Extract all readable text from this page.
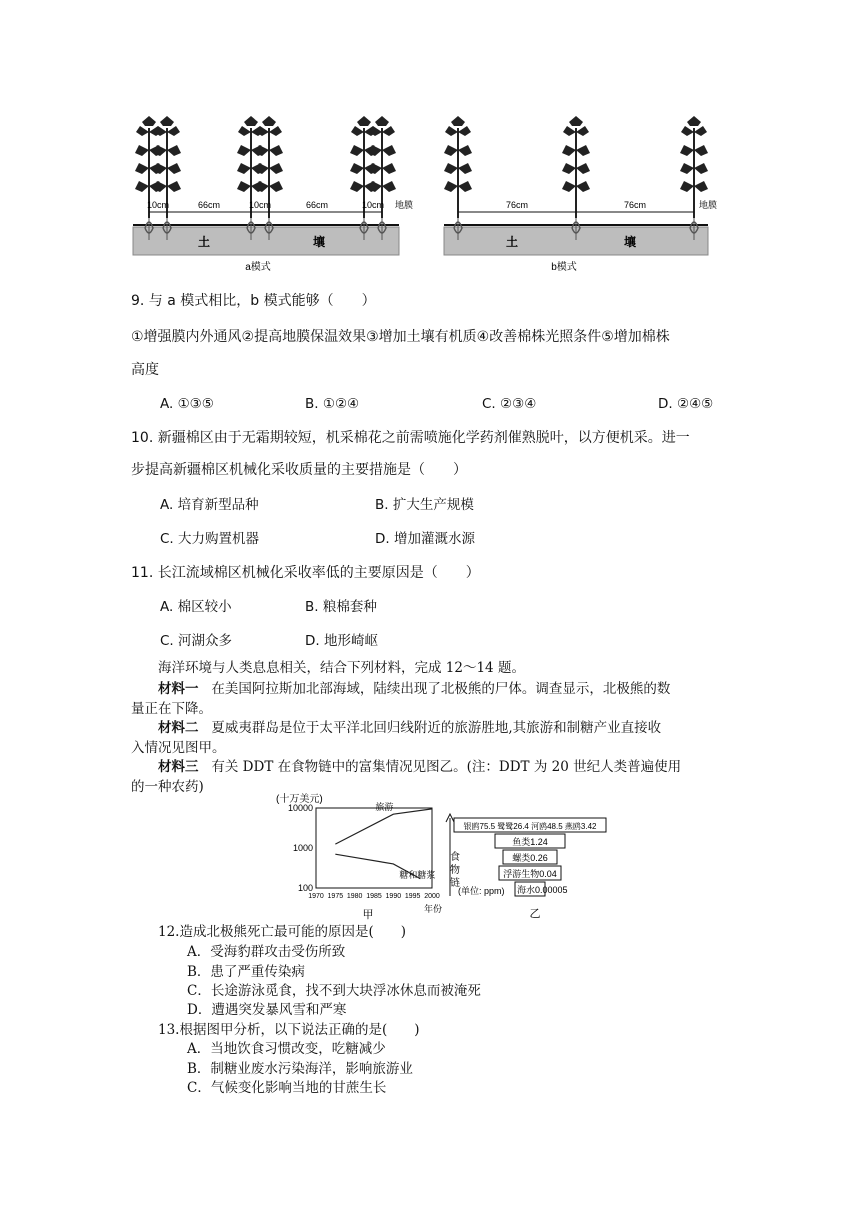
10cm	66cm	10cm	66cm	10cm 地膜
土	壤
a模式
76cm	76cm	地膜
土	壤
b模式
9. 与 a 模式相比，b 模式能够（　　）
①增强膜内外通风②提高地膜保温效果③增加土壤有机质④改善棉株光照条件⑤增加棉株
高度
A. ①③⑤	B. ①②④	C. ②③④	D. ②④⑤
10. 新疆棉区由于无霜期较短，机采棉花之前需喷施化学药剂催熟脱叶，以方便机采。进一
步提高新疆棉区机械化采收质量的主要措施是（　　）
A. 培育新型品种	B. 扩大生产规模
C. 大力购置机器	D. 增加灌溉水源
11. 长江流域棉区机械化采收率低的主要原因是（　　）
A. 棉区较小	B. 粮棉套种
C. 河湖众多	D. 地形崎岖
海洋环境与人类息息相关，结合下列材料，完成 12～14 题。
材料一 在美国阿拉斯加北部海域，陆续出现了北极熊的尸体。调查显示，北极熊的数
量正在下降。
材料二 夏威夷群岛是位于太平洋北回归线附近的旅游胜地,其旅游和制糖产业直接收
入情况见图甲。
材料三 有关 DDT 在食物链中的富集情况见图乙。(注：DDT 为 20 世纪人类普遍使用
的一种农药)
(十万美元)
10000
1000
100
1970 1975 1980 1985 1990 1995 2000
旅游
糖和糖浆
年份
甲
食 物 链
银鸥75.5 鹭鹭26.4 河鸥48.5 燕鸥3.42
鱼类1.24
螺类0.26
浮游生物0.04
海水0.00005
(单位: ppm)
乙
12.造成北极熊死亡最可能的原因是(　　)
A．受海豹群攻击受伤所致
B．患了严重传染病
C．长途游泳觅食，找不到大块浮冰休息而被淹死
D．遭遇突发暴风雪和严寒
13.根据图甲分析，以下说法正确的是(　　)
A．当地饮食习惯改变，吃糖减少
B．制糖业废水污染海洋，影响旅游业
C．气候变化影响当地的甘蔗生长
